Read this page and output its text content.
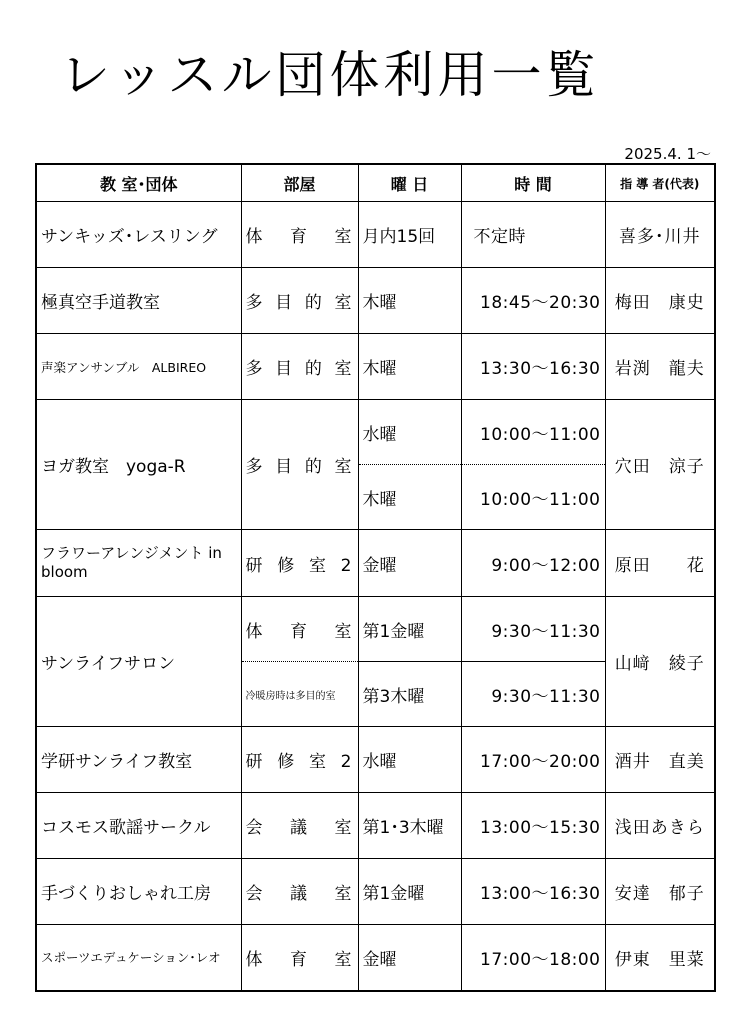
レッスル団体利用一覧
2025.4. 1～
教 室･団体	部屋	曜 日	時 間	指 導 者(代表)
サンキッズ･レスリング	体 育 室	月内15回	不定時	喜多･川井
極真空手道教室	多 目 的 室	木曜	18:45～20:30	梅田　康史
声楽アンサンブル　ALBIREO	多 目 的 室	木曜	13:30～16:30	岩渕　龍夫
ヨガ教室　yoga-R	多 目 的 室	水曜	10:00～11:00	穴田　涼子
		木曜	10:00～11:00	
フラワーアレンジメント in bloom	研 修 室 2	金曜	9:00～12:00	原田　　花
サンライフサロン	体 育 室	第1金曜	9:30～11:30	山﨑　綾子
	冷暖房時は多目的室	第3木曜	9:30～11:30	
学研サンライフ教室	研 修 室 2	水曜	17:00～20:00	酒井　直美
コスモス歌謡サークル	会 議 室	第1･3木曜	13:00～15:30	浅田あきら
手づくりおしゃれ工房	会 議 室	第1金曜	13:00～16:30	安達　郁子
スポーツエデュケーション･レオ	体 育 室	金曜	17:00～18:00	伊東　里菜
